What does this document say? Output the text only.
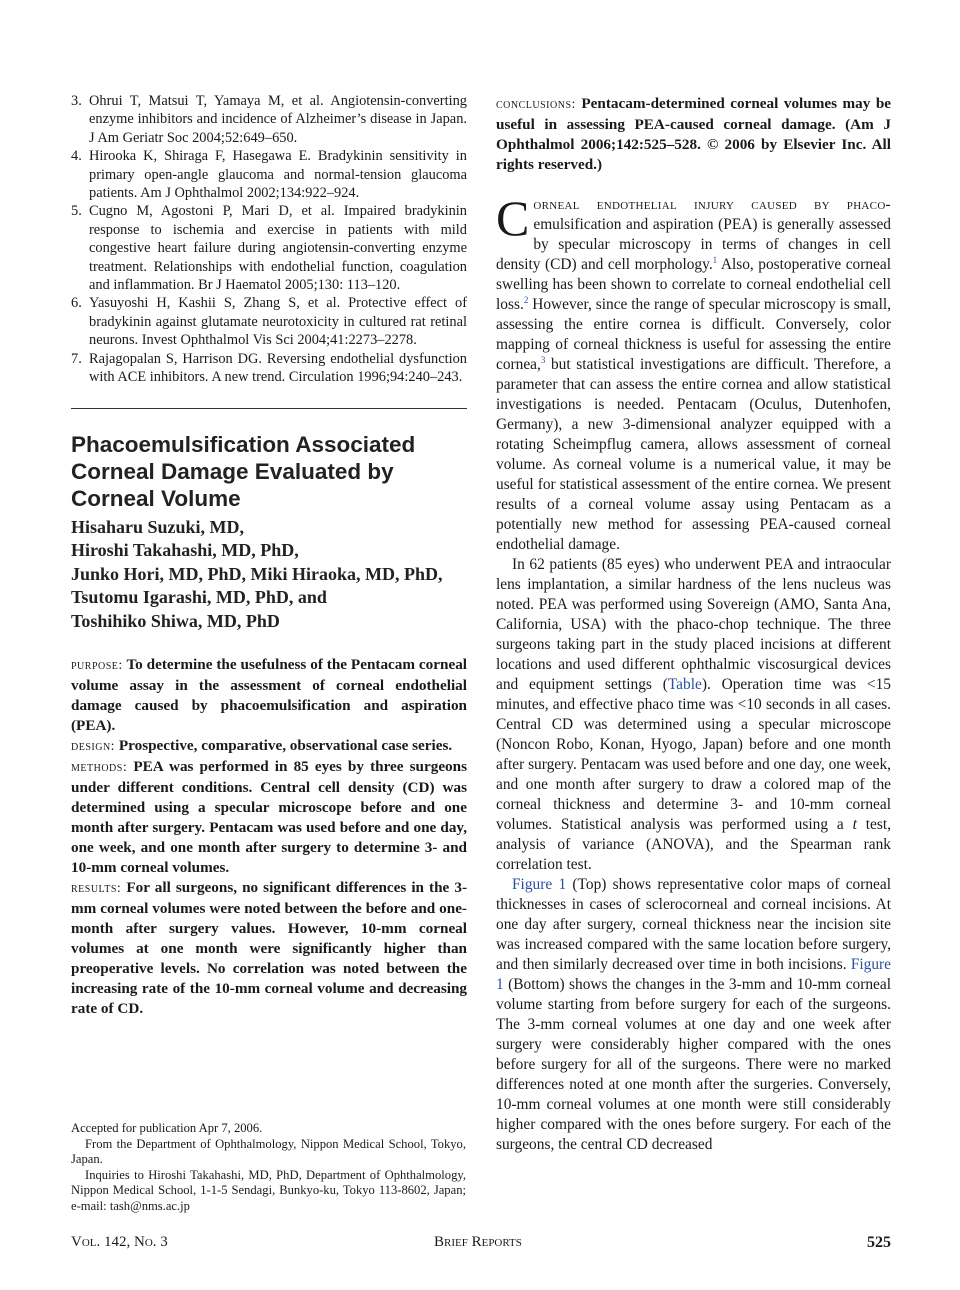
3. Ohrui T, Matsui T, Yamaya M, et al. Angiotensin-converting enzyme inhibitors and incidence of Alzheimer’s disease in Japan. J Am Geriatr Soc 2004;52:649–650.
4. Hirooka K, Shiraga F, Hasegawa E. Bradykinin sensitivity in primary open-angle glaucoma and normal-tension glaucoma patients. Am J Ophthalmol 2002;134:922–924.
5. Cugno M, Agostoni P, Mari D, et al. Impaired bradykinin response to ischemia and exercise in patients with mild congestive heart failure during angiotensin-converting enzyme treatment. Relationships with endothelial function, coagulation and inflammation. Br J Haematol 2005;130: 113–120.
6. Yasuyoshi H, Kashii S, Zhang S, et al. Protective effect of bradykinin against glutamate neurotoxicity in cultured rat retinal neurons. Invest Ophthalmol Vis Sci 2004;41:2273–2278.
7. Rajagopalan S, Harrison DG. Reversing endothelial dysfunction with ACE inhibitors. A new trend. Circulation 1996;94:240–243.
Phacoemulsification Associated Corneal Damage Evaluated by Corneal Volume
Hisaharu Suzuki, MD,
Hiroshi Takahashi, MD, PhD,
Junko Hori, MD, PhD, Miki Hiraoka, MD, PhD,
Tsutomu Igarashi, MD, PhD, and
Toshihiko Shiwa, MD, PhD

purpose: To determine the usefulness of the Pentacam corneal volume assay in the assessment of corneal endothelial damage caused by phacoemulsification and aspiration (PEA).

design: Prospective, comparative, observational case series.

methods: PEA was performed in 85 eyes by three surgeons under different conditions. Central cell density (CD) was determined using a specular microscope before and one month after surgery. Pentacam was used before and one day, one week, and one month after surgery to determine 3- and 10-mm corneal volumes.

results: For all surgeons, no significant differences in the 3-mm corneal volumes were noted between the before and one-month after surgery values. However, 10-mm corneal volumes at one month were significantly higher than preoperative levels. No correlation was noted between the increasing rate of the 10-mm corneal volume and decreasing rate of CD.

Accepted for publication Apr 7, 2006.

From the Department of Ophthalmology, Nippon Medical School, Tokyo, Japan.

Inquiries to Hiroshi Takahashi, MD, PhD, Department of Ophthalmology, Nippon Medical School, 1-1-5 Sendagi, Bunkyo-ku, Tokyo 113-8602, Japan; e-mail: tash@nms.ac.jp

conclusions: Pentacam-determined corneal volumes may be useful in assessing PEA-caused corneal damage. (Am J Ophthalmol 2006;142:525–528. © 2006 by Elsevier Inc. All rights reserved.)

Corneal endothelial injury caused by phaco- emulsification and aspiration (PEA) is generally assessed by specular microscopy in terms of changes in cell density (CD) and cell morphology.$^1$ Also, postoperative corneal swelling has been shown to correlate to corneal endothelial cell loss.$^2$ However, since the range of specular microscopy is small, assessing the entire cornea is difficult. Conversely, color mapping of corneal thickness is useful for assessing the entire cornea,$^3$ but statistical investigations are difficult. Therefore, a parameter that can assess the entire cornea and allow statistical investigations is needed. Pentacam (Oculus, Dutenhofen, Germany), a new 3-dimensional analyzer equipped with a rotating Scheimpflug camera, allows assessment of corneal volume. As corneal volume is a numerical value, it may be useful for statistical assessment of the entire cornea. We present results of a corneal volume assay using Pentacam as a potentially new method for assessing PEA-caused corneal endothelial damage.

In 62 patients (85 eyes) who underwent PEA and intraocular lens implantation, a similar hardness of the lens nucleus was noted. PEA was performed using Sovereign (AMO, Santa Ana, California, USA) with the phaco-chop technique. The three surgeons taking part in the study placed incisions at different locations and used different ophthalmic viscosurgical devices and equipment settings (Table). Operation time was <15 minutes, and effective phaco time was <10 seconds in all cases. Central CD was determined using a specular microscope (Noncon Robo, Konan, Hyogo, Japan) before and one month after surgery. Pentacam was used before and one day, one week, and one month after surgery to draw a colored map of the corneal thickness and determine 3- and 10-mm corneal volumes. Statistical analysis was performed using a t test, analysis of variance (ANOVA), and the Spearman rank correlation test.

Figure 1 (Top) shows representative color maps of corneal thicknesses in cases of sclerocorneal and corneal incisions. At one day after surgery, corneal thickness near the incision site was increased compared with the same location before surgery, and then similarly decreased over time in both incisions. Figure 1 (Bottom) shows the changes in the 3-mm and 10-mm corneal volume starting from before surgery for each of the surgeons. The 3-mm corneal volumes at one day and one week after surgery were considerably higher compared with the ones before surgery for all of the surgeons. There were no marked differences noted at one month after the surgeries. Conversely, 10-mm corneal volumes at one month were still considerably higher compared with the ones before surgery. For each of the surgeons, the central CD decreased

Vol. 142, No. 3	Brief Reports	525
